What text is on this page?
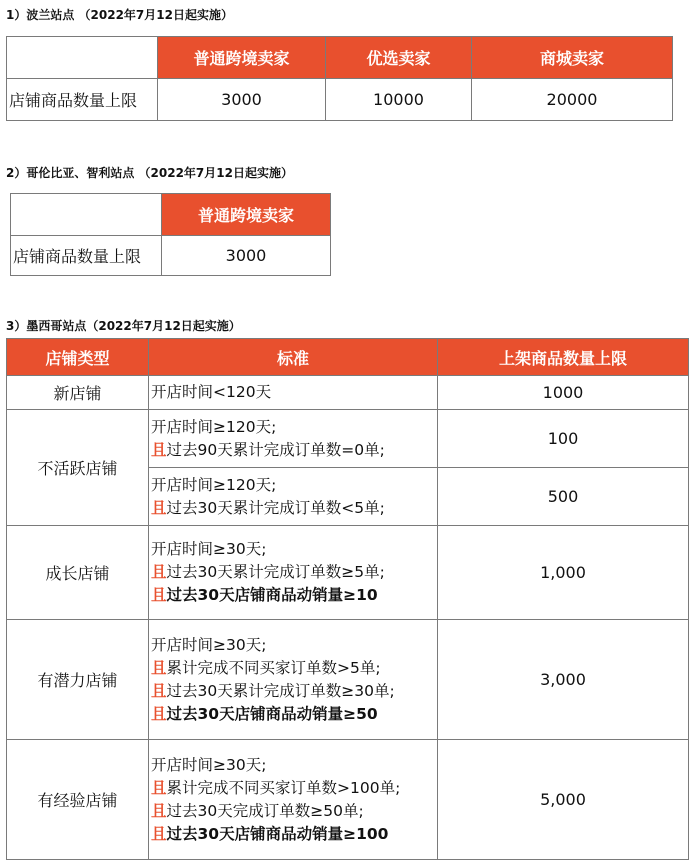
1）波兰站点 （2022年7月12日起实施）
	普通跨境卖家	优选卖家	商城卖家
店铺商品数量上限	3000	10000	20000
2）哥伦比亚、智利站点 （2022年7月12日起实施）
	普通跨境卖家
店铺商品数量上限	3000
3）墨西哥站点（2022年7月12日起实施）
店铺类型	标准	上架商品数量上限
新店铺	开店时间<120天	1000
不活跃店铺	开店时间≥120天;
且过去90天累计完成订单数=0单;	100

	开店时间≥120天;
且过去30天累计完成订单数<5单;	500
成长店铺	开店时间≥30天;
且过去30天累计完成订单数≥5单;
且过去30天店铺商品动销量≥10	1,000
有潜力店铺	开店时间≥30天;
且累计完成不同买家订单数>5单;
且过去30天累计完成订单数≥30单;
且过去30天店铺商品动销量≥50	3,000
有经验店铺	开店时间≥30天;
且累计完成不同买家订单数>100单;
且过去30天完成订单数≥50单;
且过去30天店铺商品动销量≥100	5,000
